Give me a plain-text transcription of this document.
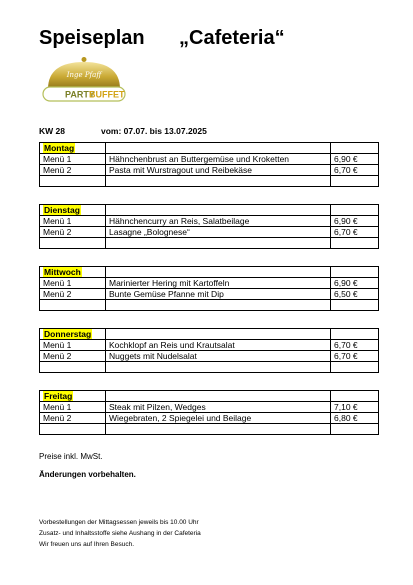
Speiseplan „Cafeteria“
Inge Pfaff
PARTY
BUFFET
KW 28	vom: 07.07. bis 13.07.2025
Montag		
Menü 1	Hähnchenbrust an Buttergemüse und Kroketten	6,90 €
Menü 2	Pasta mit Wurstragout und Reibekäse	6,70 €

Dienstag		
Menü 1	Hähnchencurry an Reis, Salatbeilage	6,90 €
Menü 2	Lasagne „Bolognese“	6,70 €

Mittwoch		
Menü 1	Marinierter Hering mit Kartoffeln	6,90 €
Menü 2	Bunte Gemüse Pfanne mit Dip	6,50 €

Donnerstag		
Menü 1	Kochklopf an Reis und Krautsalat	6,70 €
Menü 2	Nuggets mit Nudelsalat	6,70 €

Freitag		
Menü 1	Steak mit Pilzen, Wedges	7,10 €
Menü 2	Wiegebraten, 2 Spiegelei und Beilage	6,80 €

Preise inkl. MwSt.
Änderungen vorbehalten.
Vorbestellungen der Mittagsessen jeweils bis 10.00 Uhr
Zusatz- und Inhaltsstoffe siehe Aushang in der Cafeteria
Wir freuen uns auf Ihren Besuch.
